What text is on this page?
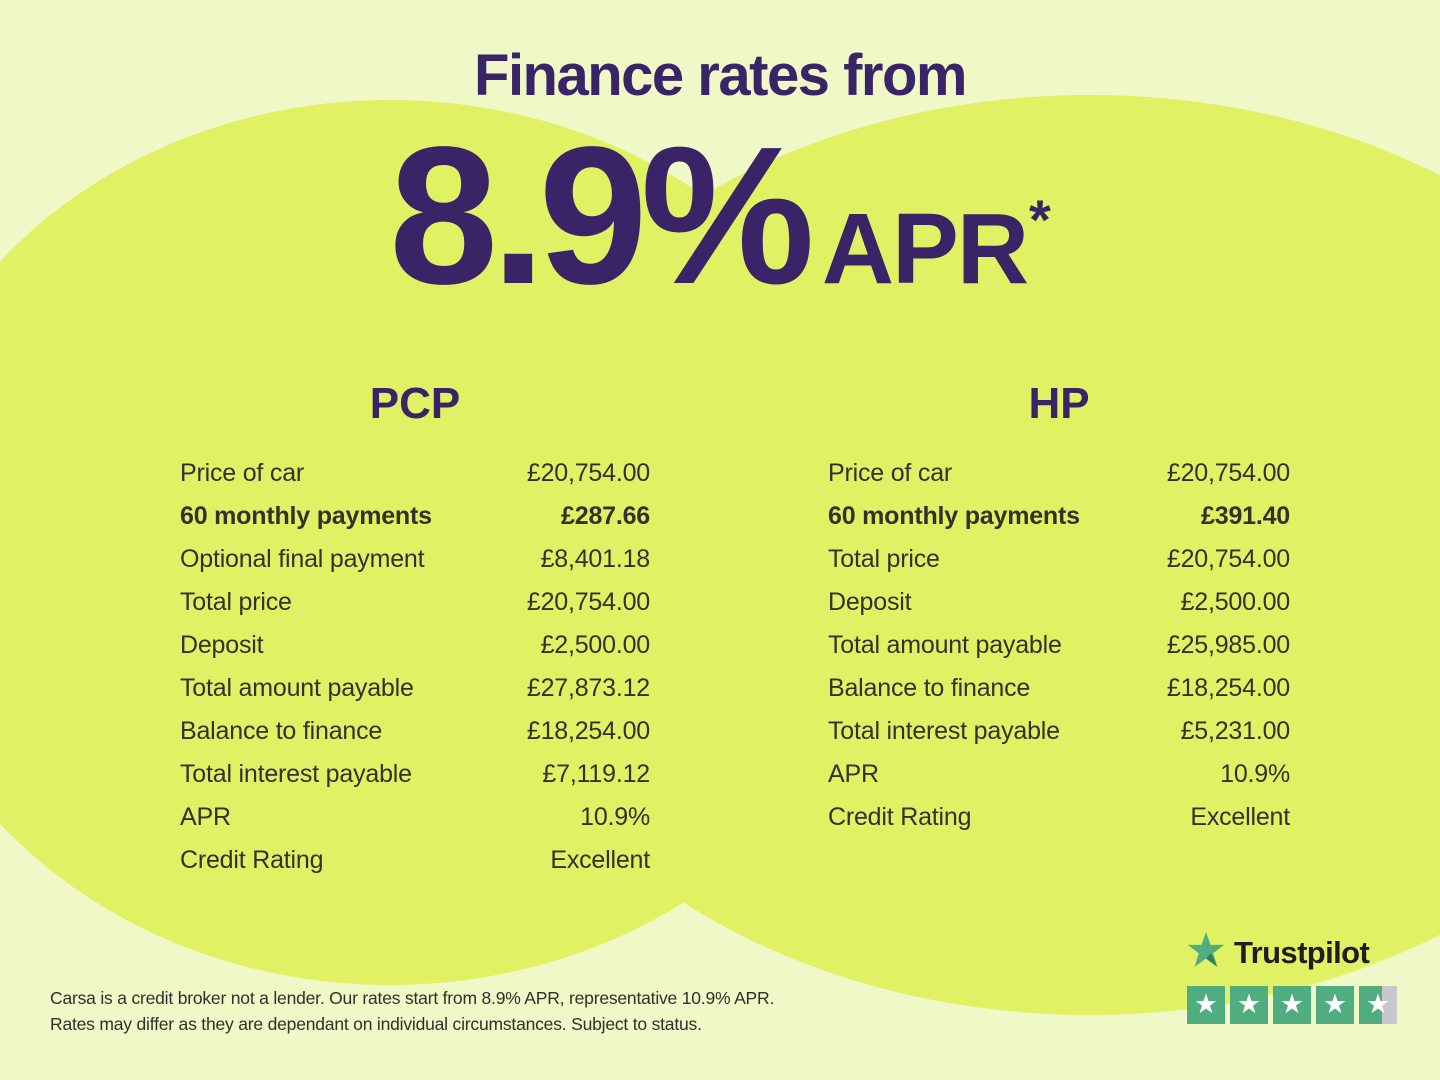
Finance rates from
8.9% APR *
PCP
Price of car	£20,754.00
60 monthly payments	£287.66
Optional final payment	£8,401.18
Total price	£20,754.00
Deposit	£2,500.00
Total amount payable	£27,873.12
Balance to finance	£18,254.00
Total interest payable	£7,119.12
APR	10.9%
Credit Rating	Excellent
HP
Price of car	£20,754.00
60 monthly payments	£391.40
Total price	£20,754.00
Deposit	£2,500.00
Total amount payable	£25,985.00
Balance to finance	£18,254.00
Total interest payable	£5,231.00
APR	10.9%
Credit Rating	Excellent
Carsa is a credit broker not a lender. Our rates start from 8.9% APR, representative 10.9% APR.
Rates may differ as they are dependant on individual circumstances. Subject to status.
Trustpilot
★ ★ ★ ★ ★
